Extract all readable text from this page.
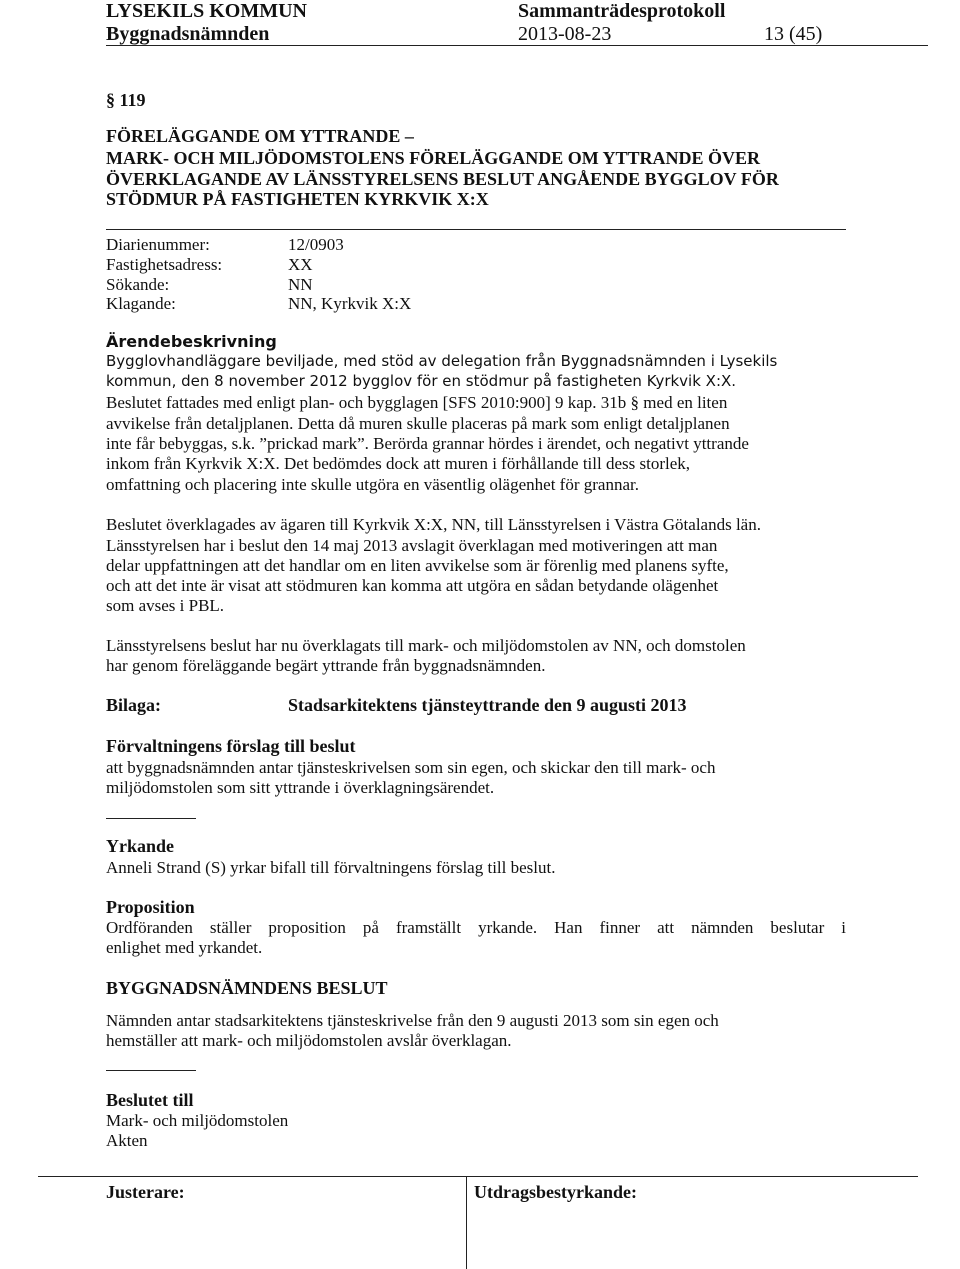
LYSEKILS KOMMUN	Sammanträdesprotokoll
Byggnadsnämnden	2013-08-23	13 (45)
§ 119
FÖRELÄGGANDE OM YTTRANDE –
MARK- OCH MILJÖDOMSTOLENS FÖRELÄGGANDE OM YTTRANDE ÖVER
ÖVERKLAGANDE AV LÄNSSTYRELSENS BESLUT ANGÅENDE BYGGLOV FÖR
STÖDMUR PÅ FASTIGHETEN KYRKVIK X:X
Diarienummer:	12/0903
Fastighetsadress:	XX
Sökande:	NN
Klagande:	NN, Kyrkvik X:X
Ärendebeskrivning
Bygglovhandläggare beviljade, med stöd av delegation från Byggnadsnämnden i Lysekils
kommun, den 8 november 2012 bygglov för en stödmur på fastigheten Kyrkvik X:X.
Beslutet fattades med enligt plan- och bygglagen [SFS 2010:900] 9 kap. 31b § med en liten
avvikelse från detaljplanen. Detta då muren skulle placeras på mark som enligt detaljplanen
inte får bebyggas, s.k. ”prickad mark”. Berörda grannar hördes i ärendet, och negativt yttrande
inkom från Kyrkvik X:X. Det bedömdes dock att muren i förhållande till dess storlek,
omfattning och placering inte skulle utgöra en väsentlig olägenhet för grannar.
Beslutet överklagades av ägaren till Kyrkvik X:X, NN, till Länsstyrelsen i Västra Götalands län.
Länsstyrelsen har i beslut den 14 maj 2013 avslagit överklagan med motiveringen att man
delar uppfattningen att det handlar om en liten avvikelse som är förenlig med planens syfte,
och att det inte är visat att stödmuren kan komma att utgöra en sådan betydande olägenhet
som avses i PBL.
Länsstyrelsens beslut har nu överklagats till mark- och miljödomstolen av NN, och domstolen
har genom föreläggande begärt yttrande från byggnadsnämnden.
Bilaga:	Stadsarkitektens tjänsteyttrande den 9 augusti 2013
Förvaltningens förslag till beslut
att byggnadsnämnden antar tjänsteskrivelsen som sin egen, och skickar den till mark- och
miljödomstolen som sitt yttrande i överklagningsärendet.
Yrkande
Anneli Strand (S) yrkar bifall till förvaltningens förslag till beslut.
Proposition
Ordföranden ställer proposition på framställt yrkande. Han finner att nämnden beslutar i
enlighet med yrkandet.
BYGGNADSNÄMNDENS BESLUT
Nämnden antar stadsarkitektens tjänsteskrivelse från den 9 augusti 2013 som sin egen och
hemställer att mark- och miljödomstolen avslår överklagan.
Beslutet till
Mark- och miljödomstolen
Akten
Justerare:	Utdragsbestyrkande:
